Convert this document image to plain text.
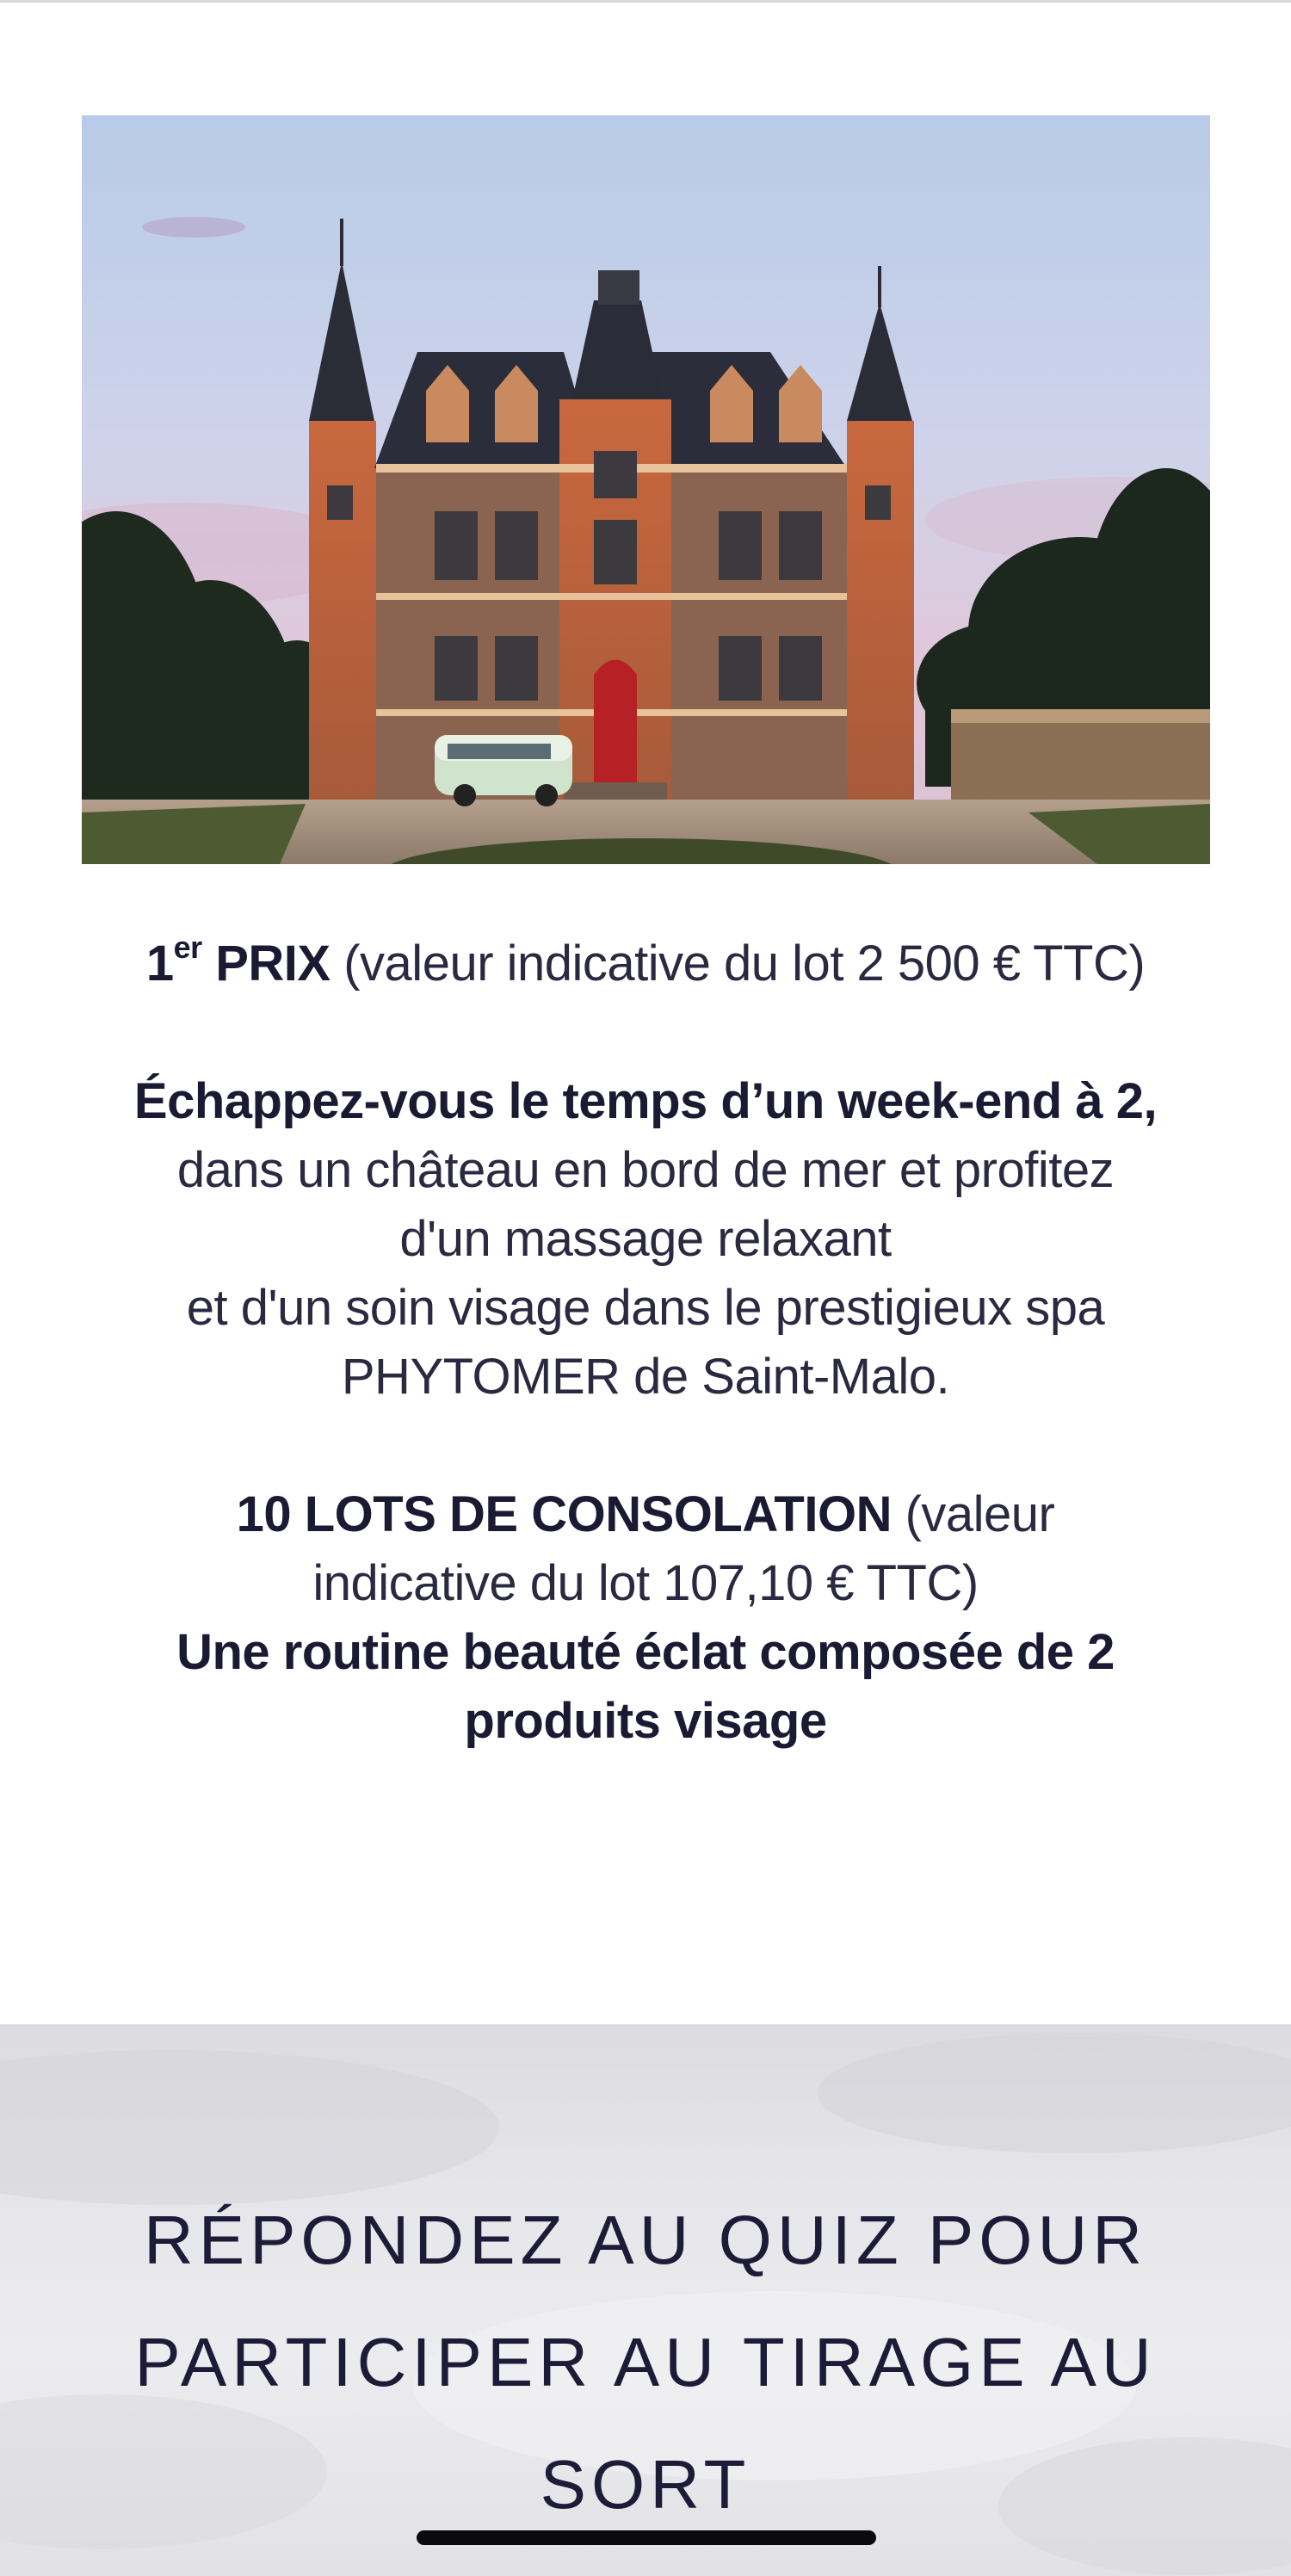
1er PRIX (valeur indicative du lot 2 500 € TTC)

Échappez-vous le temps d’un week-end à 2,

dans un château en bord de mer et profitez d'un massage relaxant

et d'un soin visage dans le prestigieux spa PHYTOMER de Saint-Malo.

10 LOTS DE CONSOLATION (valeur indicative du lot 107,10 € TTC)

Une routine beauté éclat composée de 2 produits visage

RÉPONDEZ AU QUIZ POUR PARTICIPER AU TIRAGE AU SORT
